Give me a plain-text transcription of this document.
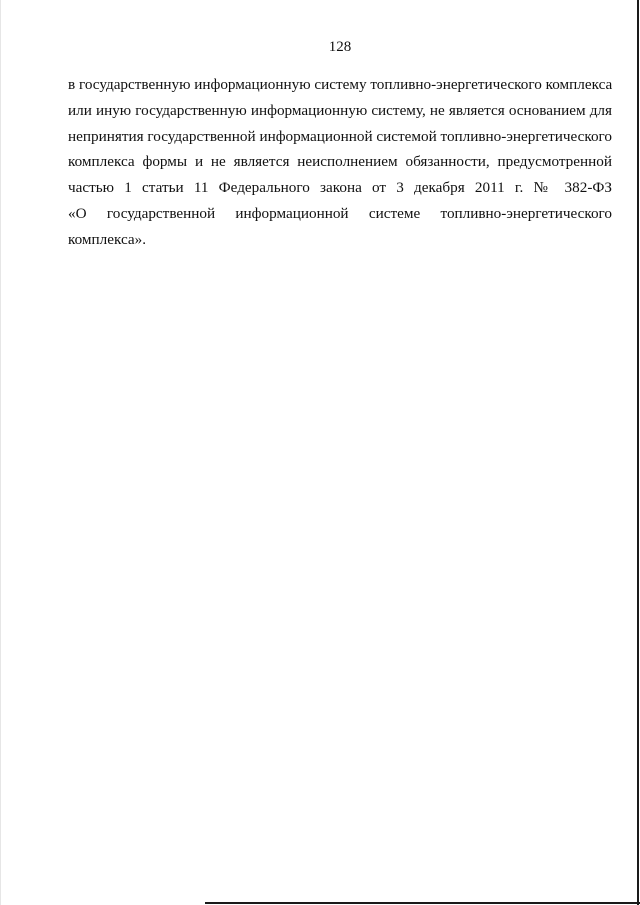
128

в государственную информационную систему топливно-энергетического комплекса
или иную государственную информационную систему, не является основанием для
непринятия государственной информационной системой топливно-энергетического
комплекса формы и не является неисполнением обязанности, предусмотренной
частью 1 статьи 11 Федерального закона от 3 декабря 2011 г. № 382-ФЗ
«О государственной информационной системе топливно-энергетического
комплекса».
